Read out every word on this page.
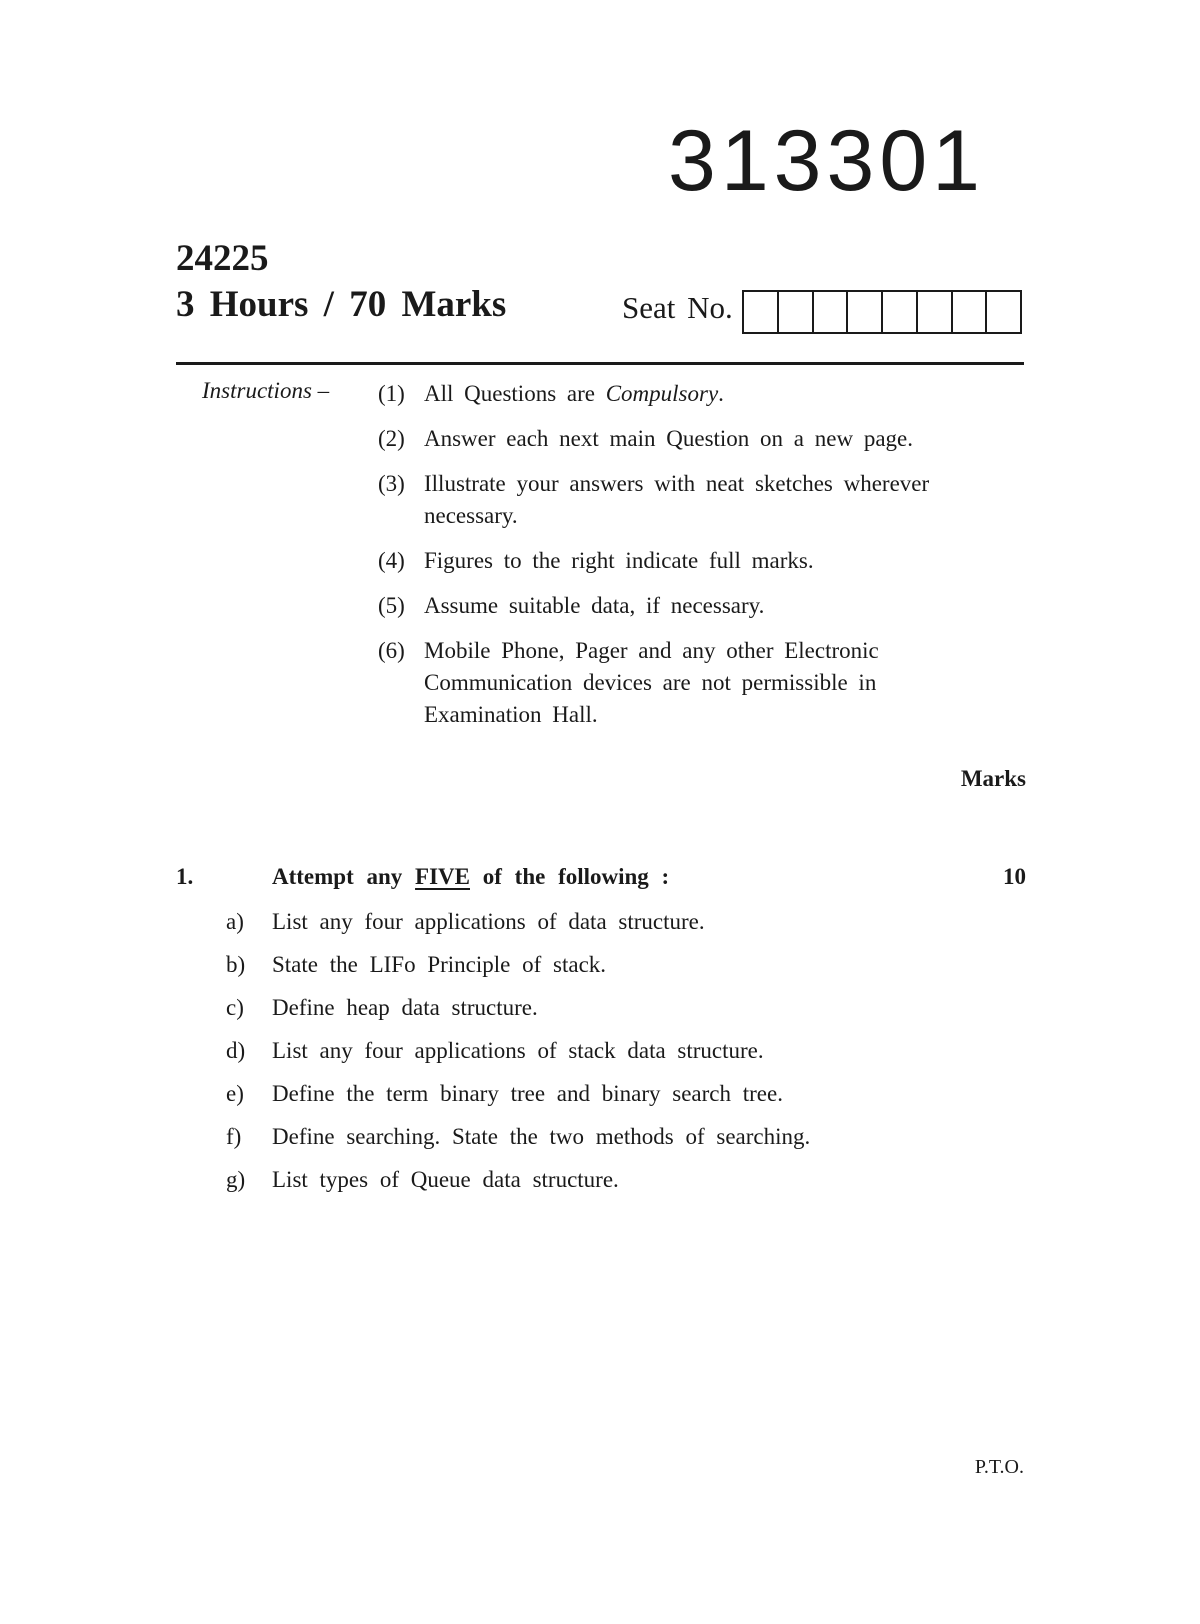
313301
24225
3 Hours / 70 Marks	Seat No.
Instructions – (1) All Questions are Compulsory.
(2) Answer each next main Question on a new page.
(3) Illustrate your answers with neat sketches wherever necessary.
(4) Figures to the right indicate full marks.
(5) Assume suitable data, if necessary.
(6) Mobile Phone, Pager and any other Electronic Communication devices are not permissible in Examination Hall.
Marks
1.	Attempt any FIVE of the following :	10
a)	List any four applications of data structure.
b)	State the LIFo Principle of stack.
c)	Define heap data structure.
d)	List any four applications of stack data structure.
e)	Define the term binary tree and binary search tree.
f)	Define searching. State the two methods of searching.
g)	List types of Queue data structure.
P.T.O.
